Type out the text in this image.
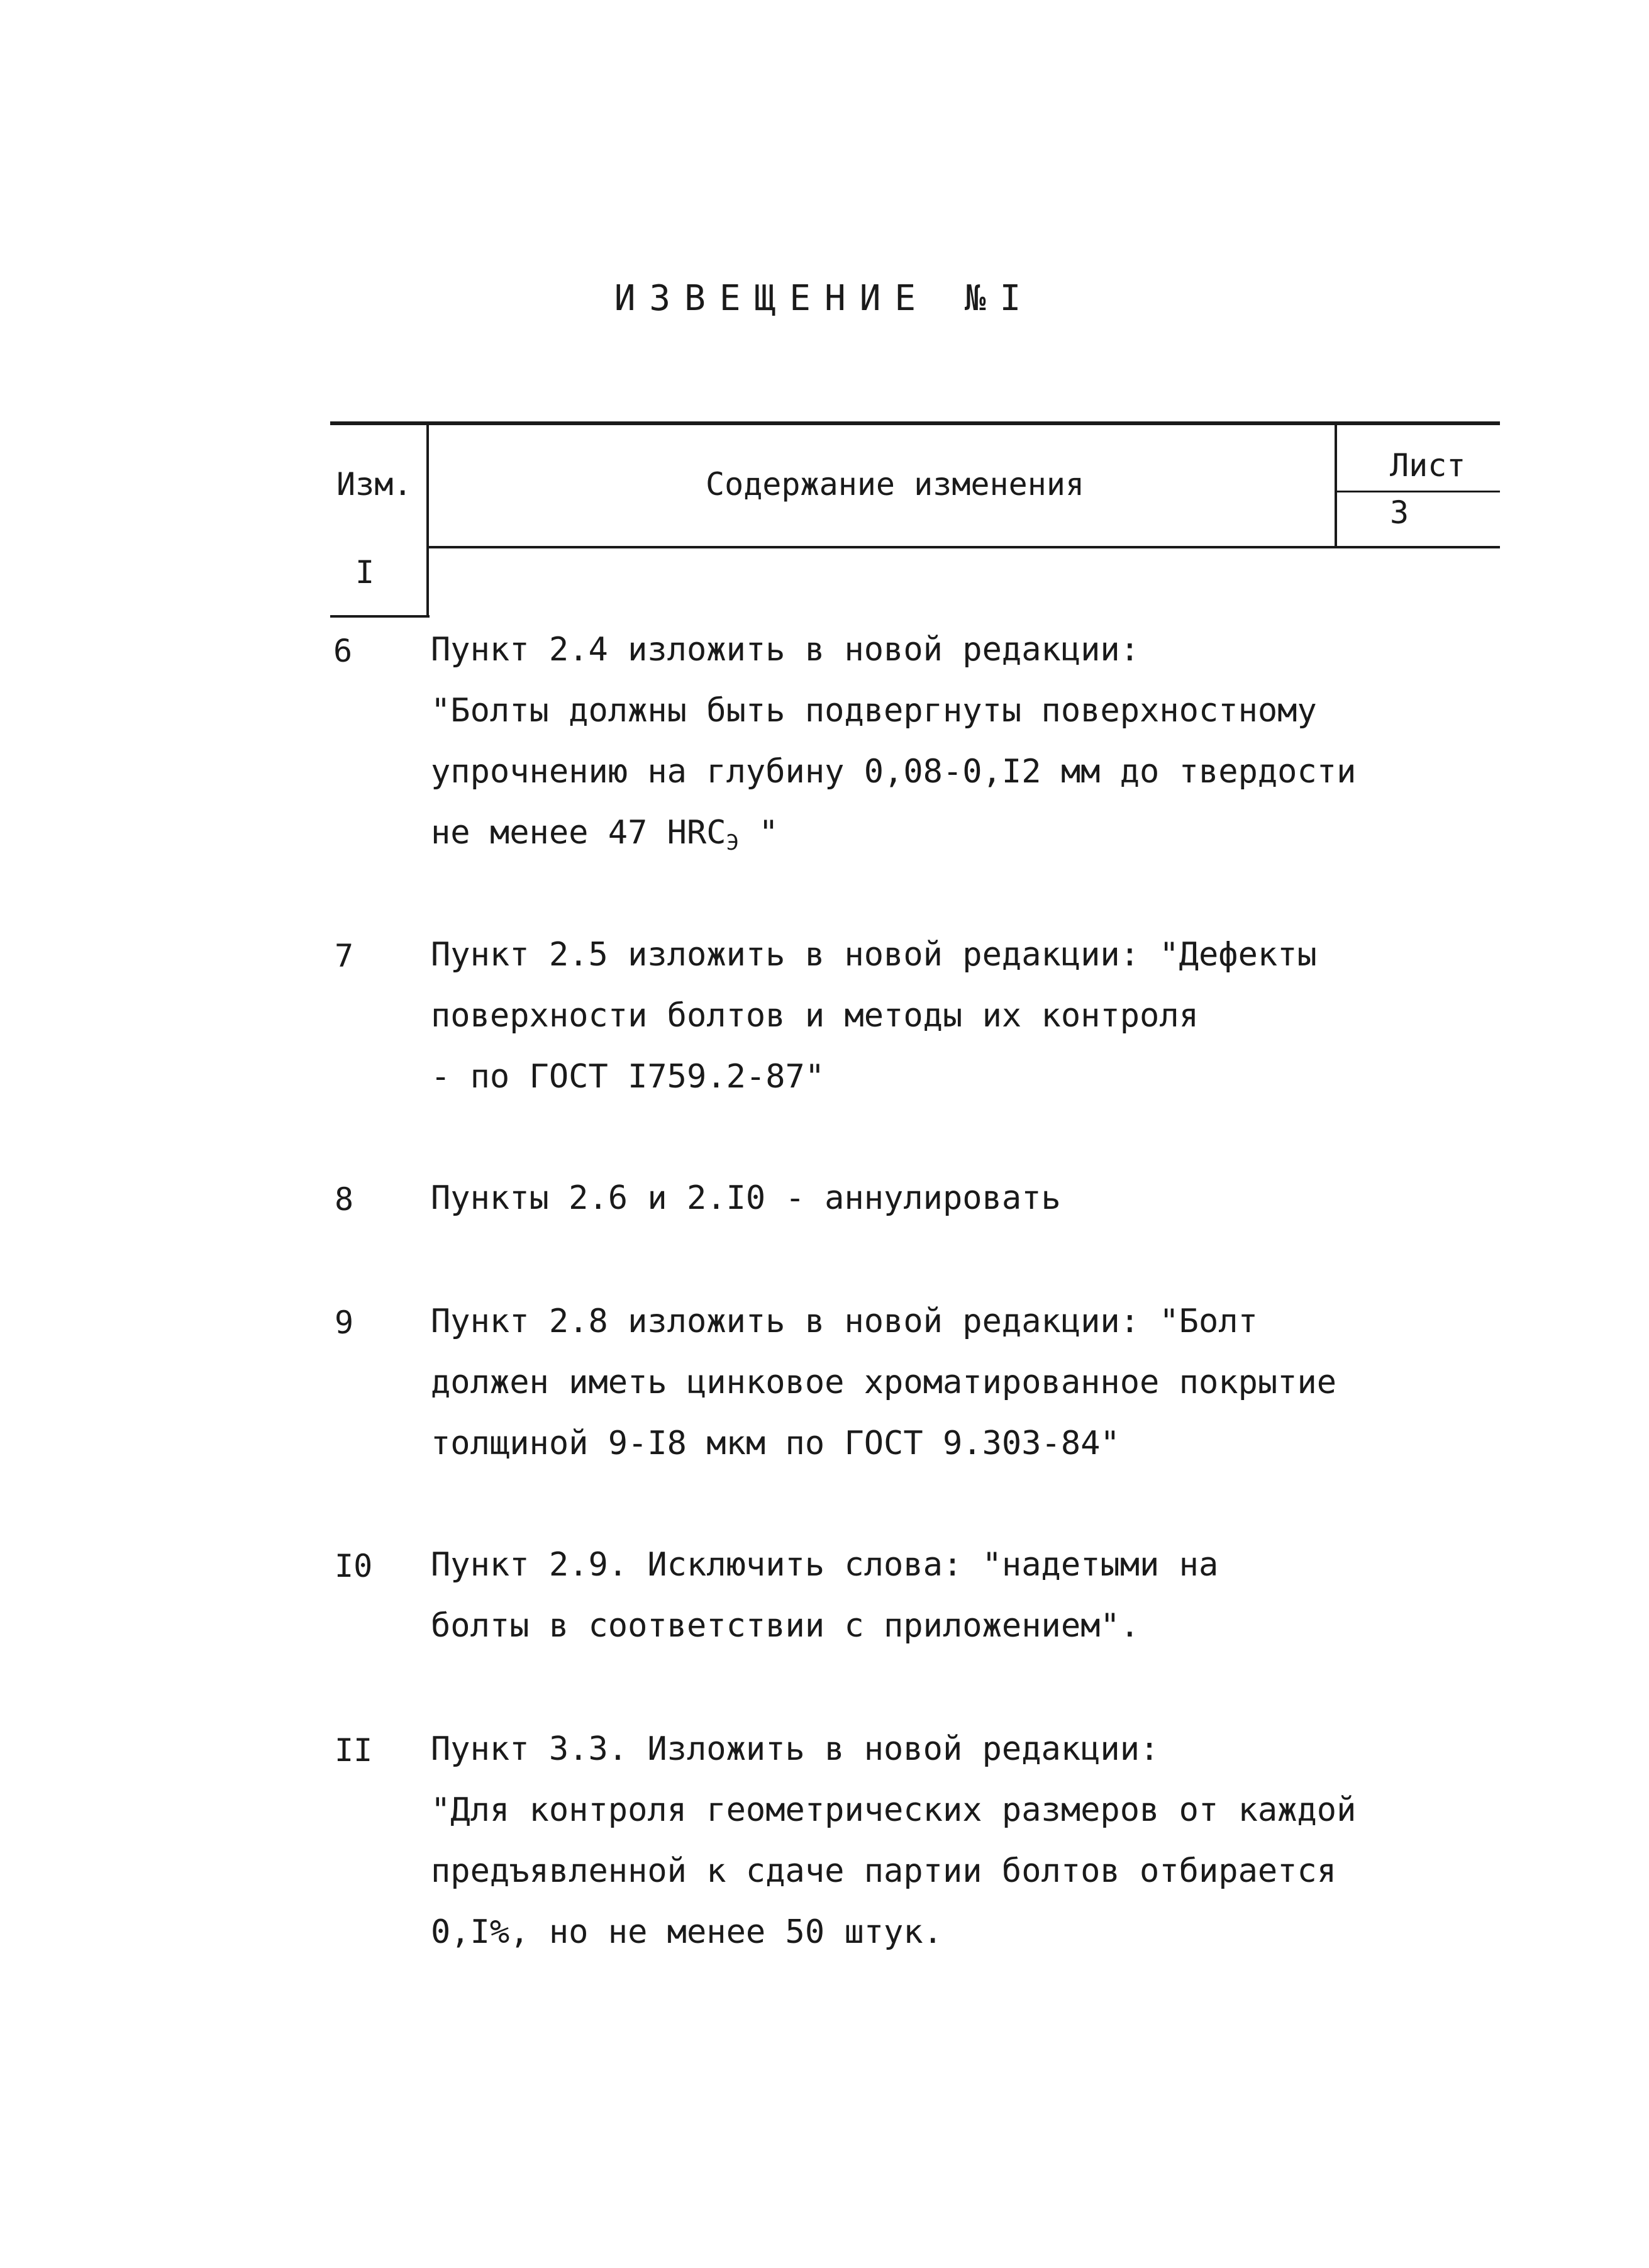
ИЗВЕЩЕНИЕ №I
Изм.	Содержание изменения
Лист
3
I
6 Пункт 2.4 изложить в новой редакции:
"Болты должны быть подвергнуты поверхностному
упрочнению на глубину 0,08-0,I2 мм до твердости
не менее 47 $HRC_Э$ "
7 Пункт 2.5 изложить в новой редакции: "Дефекты
поверхности болтов и методы их контроля
- по ГОСТ I759.2-87"
8 Пункты 2.6 и 2.I0 - аннулировать
9 Пункт 2.8 изложить в новой редакции: "Болт
должен иметь цинковое хроматированное покрытие
толщиной 9-I8 мкм по ГОСТ 9.303-84"
I0 Пункт 2.9. Исключить слова: "надетыми на
болты в соответствии с приложением".
II Пункт 3.3. Изложить в новой редакции:
"Для контроля геометрических размеров от каждой
предъявленной к сдаче партии болтов отбирается
0,I%, но не менее 50 штук.
